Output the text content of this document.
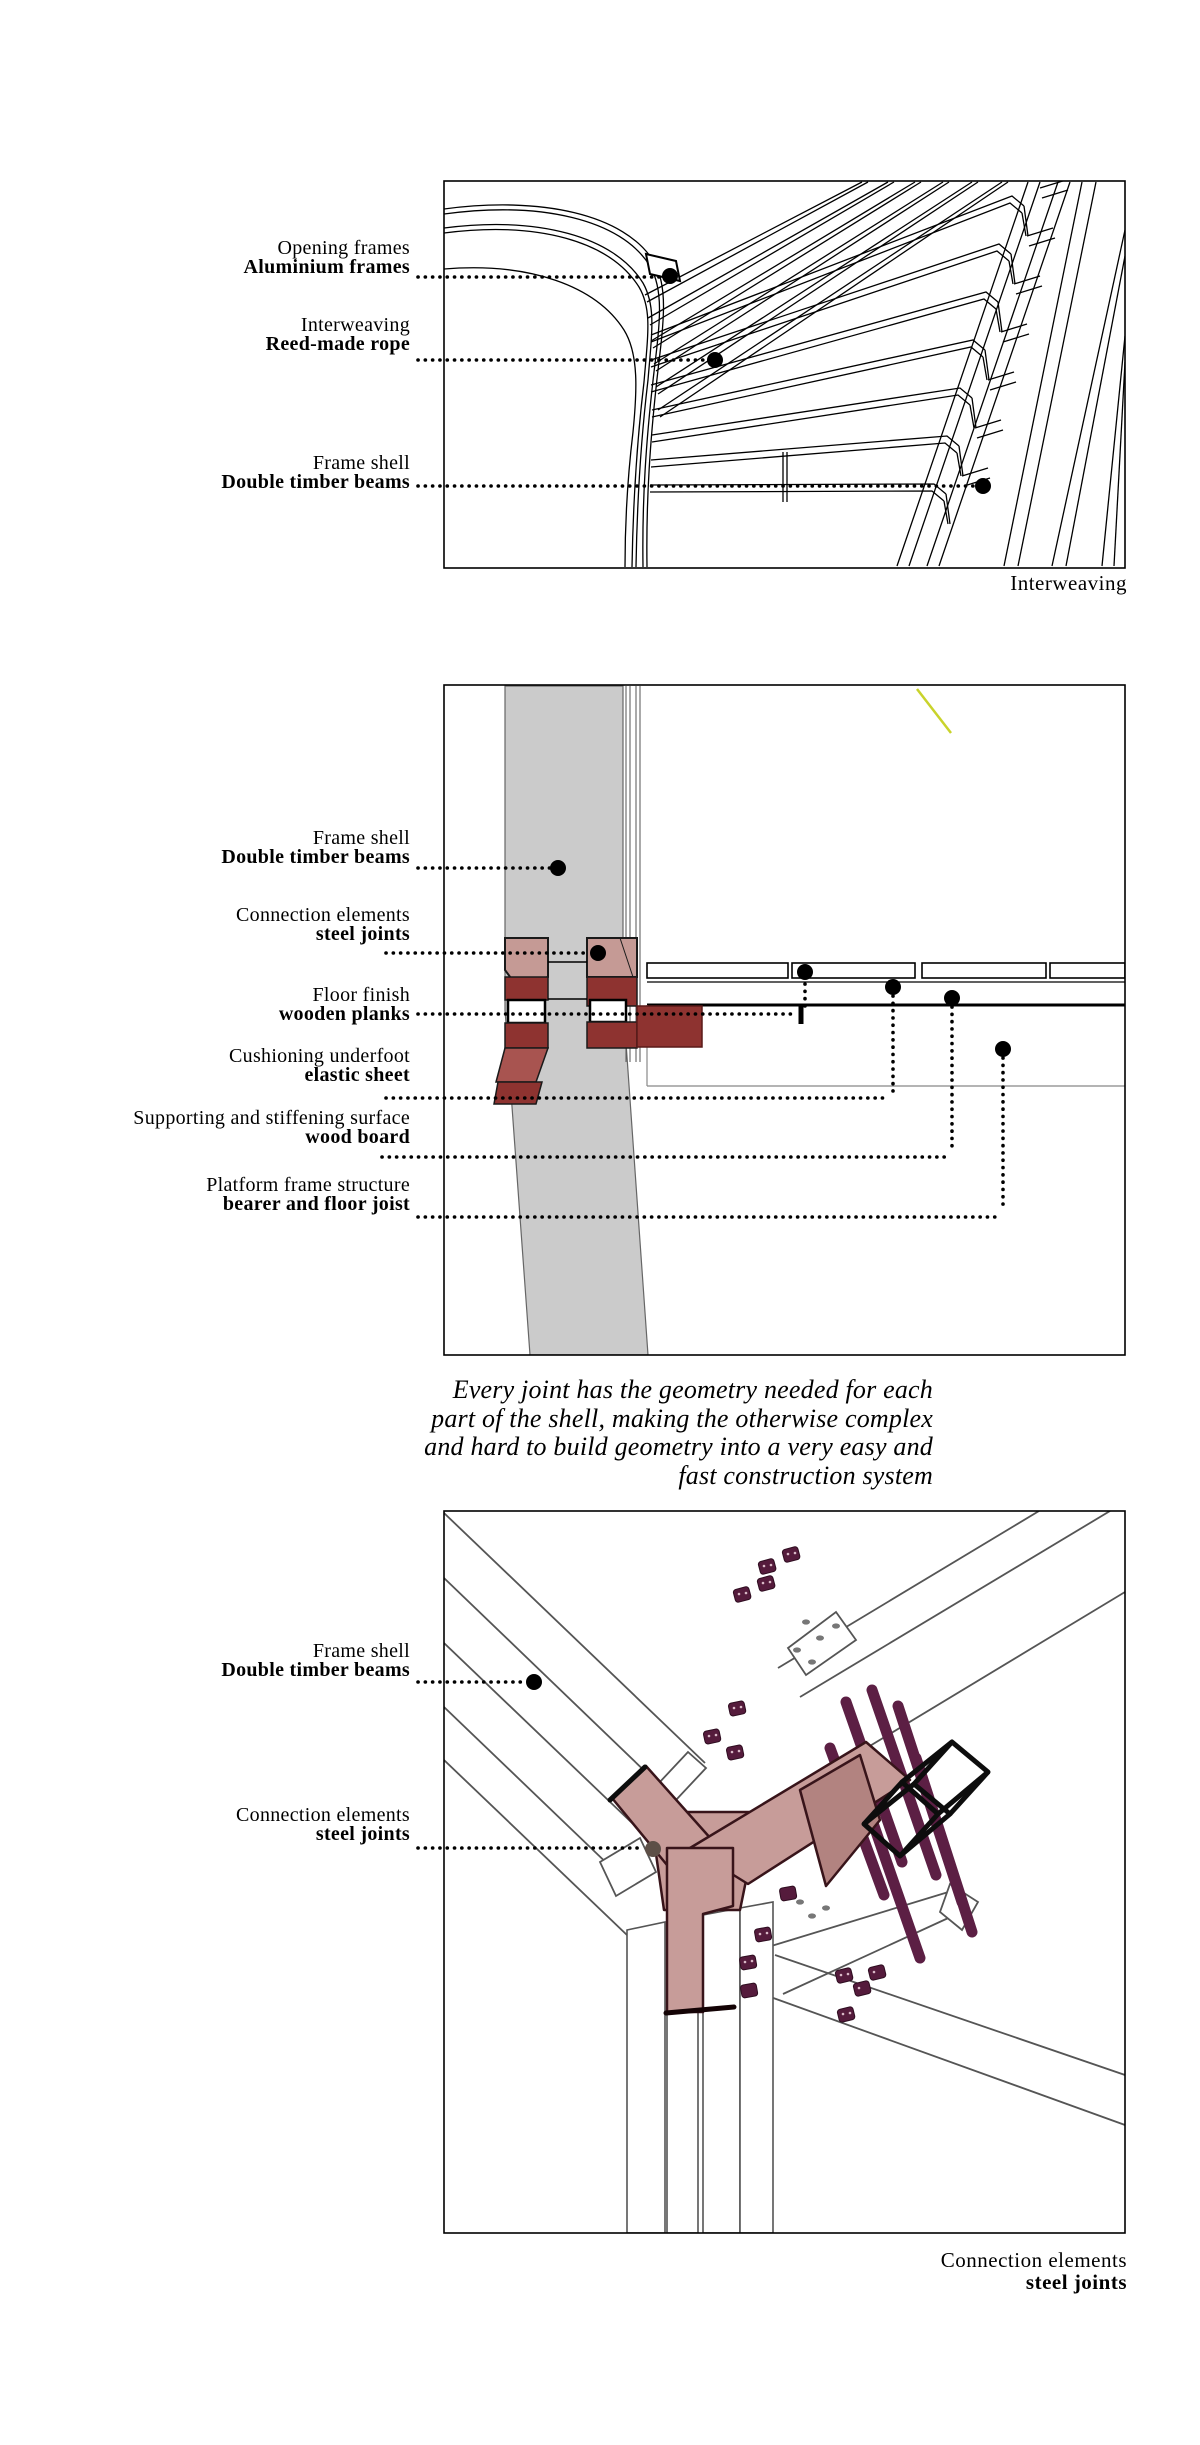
Opening frames
Aluminium frames
Interweaving
Reed-made rope
Frame shell
Double timber beams
Interweaving
Frame shell
Double timber beams
Connection elements
steel joints
Floor finish
wooden planks
Cushioning underfoot
elastic sheet
Supporting and stiffening surface
wood board
Platform frame structure
bearer and floor joist
Every joint has the geometry needed for each
part of the shell, making the otherwise complex
and hard to build geometry into a very easy and
fast construction system
Frame shell
Double timber beams
Connection elements
steel joints
Connection elements
steel joints
